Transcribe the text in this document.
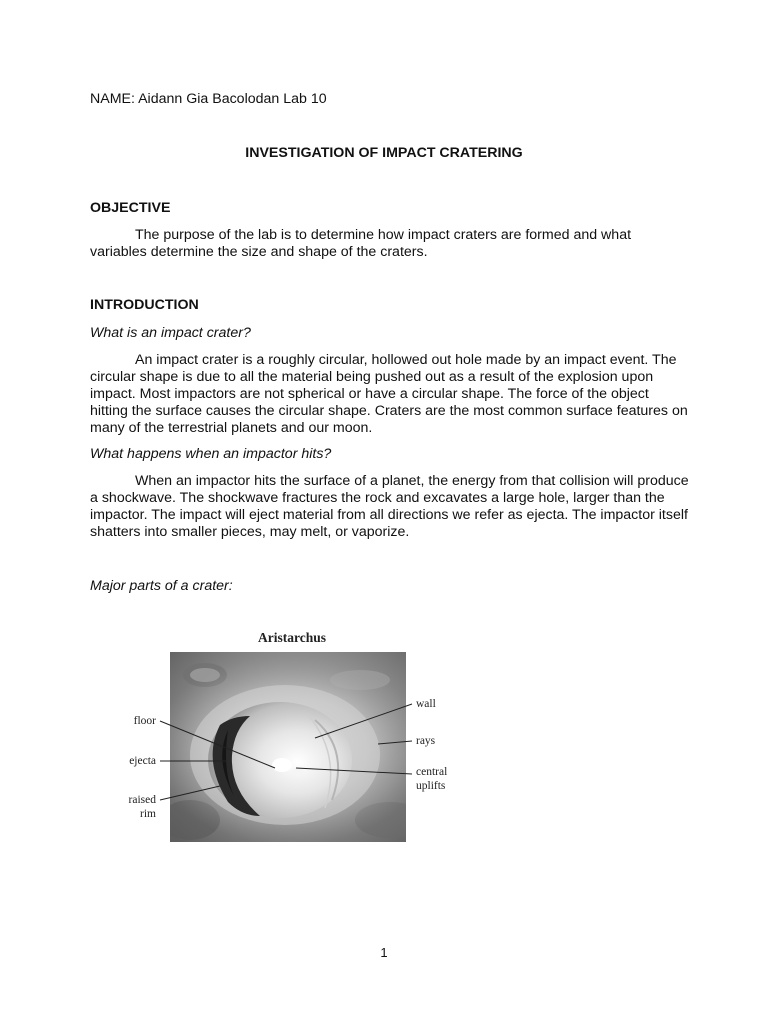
NAME: Aidann Gia Bacolodan Lab 10

INVESTIGATION OF IMPACT CRATERING

OBJECTIVE

The purpose of the lab is to determine how impact craters are formed and what variables determine the size and shape of the craters.

INTRODUCTION

What is an impact crater?

An impact crater is a roughly circular, hollowed out hole made by an impact event. The circular shape is due to all the material being pushed out as a result of the explosion upon impact. Most impactors are not spherical or have a circular shape. The force of the object hitting the surface causes the circular shape. Craters are the most common surface features on many of the terrestrial planets and our moon.

What happens when an impactor hits?

When an impactor hits the surface of a planet, the energy from that collision will produce a shockwave. The shockwave fractures the rock and excavates a large hole, larger than the impactor. The impact will eject material from all directions we refer as ejecta. The impactor itself shatters into smaller pieces, may melt, or vaporize.

Major parts of a crater:

Aristarchus
floor
ejecta
raised
rim
wall
rays
central
uplifts

1
